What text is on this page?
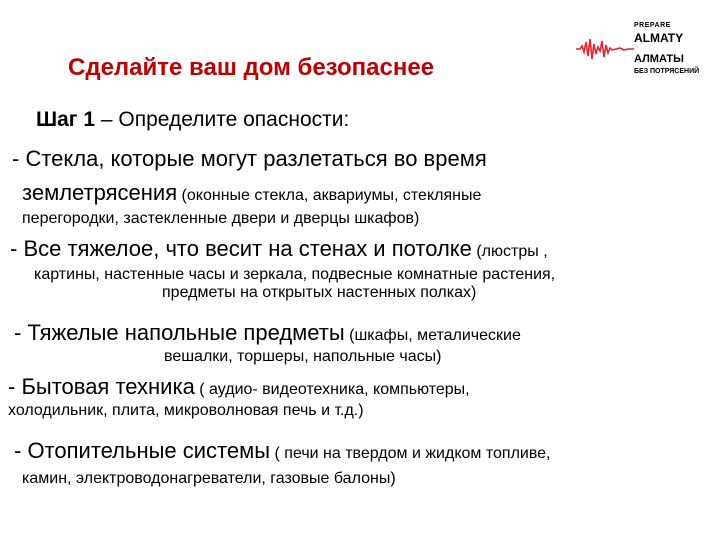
PREPARE
ALMATY
АЛМАТЫ
БЕЗ ПОТРЯСЕНИЙ
Сделайте ваш дом безопаснее
Шаг 1 – Определите опасности:
- Стекла, которые могут разлетаться во время
землетрясения (оконные стекла, аквариумы, стекляные
перегородки, застекленные двери и дверцы шкафов)
- Все тяжелое, что весит на стенах и потолке (люстры ,
картины, настенные часы и зеркала, подвесные комнатные растения,
предметы на открытых настенных полках)
- Тяжелые напольные предметы (шкафы, металические
вешалки, торшеры, напольные часы)
- Бытовая техника ( аудио- видеотехника, компьютеры,
холодильник, плита, микроволновая печь и т.д.)
- Отопительные системы ( печи на твердом и жидком топливе,
камин, электроводонагреватели, газовые балоны)
